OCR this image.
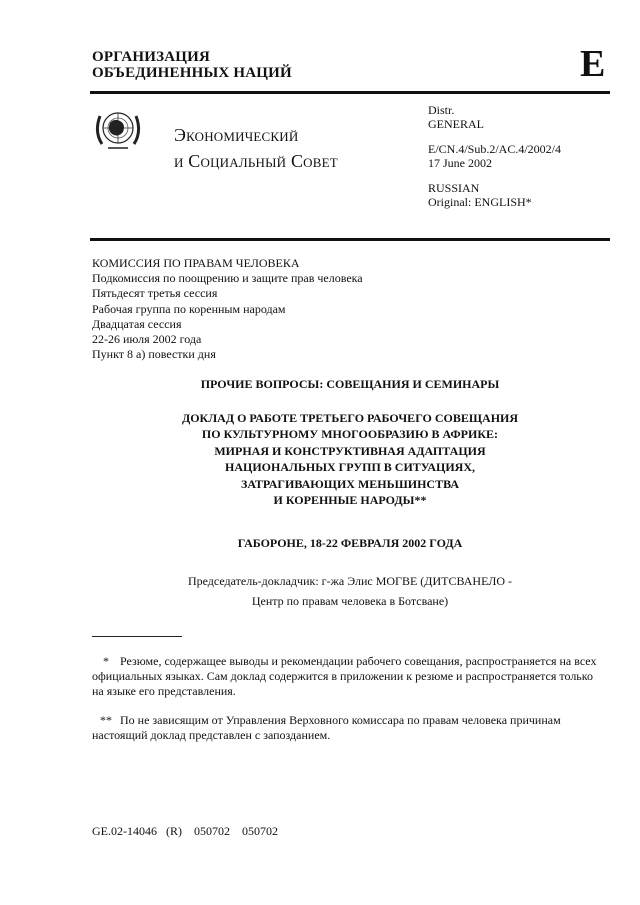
ОРГАНИЗАЦИЯ
ОБЪЕДИНЕННЫХ НАЦИЙ	E
Экономический
и Социальный Совет
Distr.
GENERAL
E/CN.4/Sub.2/AC.4/2002/4
17 June 2002
RUSSIAN
Original: ENGLISH*
КОМИССИЯ ПО ПРАВАМ ЧЕЛОВЕКА
Подкомиссия по поощрению и защите прав человека
Пятьдесят третья сессия
Рабочая группа по коренным народам
Двадцатая сессия
22-26 июля 2002 года
Пункт 8 а) повестки дня
ПРОЧИЕ ВОПРОСЫ: СОВЕЩАНИЯ И СЕМИНАРЫ
ДОКЛАД О РАБОТЕ ТРЕТЬЕГО РАБОЧЕГО СОВЕЩАНИЯ
ПО КУЛЬТУРНОМУ МНОГООБРАЗИЮ В АФРИКЕ:
МИРНАЯ И КОНСТРУКТИВНАЯ АДАПТАЦИЯ
НАЦИОНАЛЬНЫХ ГРУПП В СИТУАЦИЯХ,
ЗАТРАГИВАЮЩИХ МЕНЬШИНСТВА
И КОРЕННЫЕ НАРОДЫ**
ГАБОРОНЕ, 18-22 ФЕВРАЛЯ 2002 ГОДА
Председатель-докладчик: г-жа Элис МОГВЕ (ДИТСВАНЕЛО -
Центр по правам человека в Ботсване)
* Резюме, содержащее выводы и рекомендации рабочего совещания, распространяется на всех официальных языках. Сам доклад содержится в приложении к резюме и распространяется только на языке его представления.
** По не зависящим от Управления Верховного комиссара по правам человека причинам настоящий доклад представлен с запозданием.
GE.02-14046   (R)    050702    050702
